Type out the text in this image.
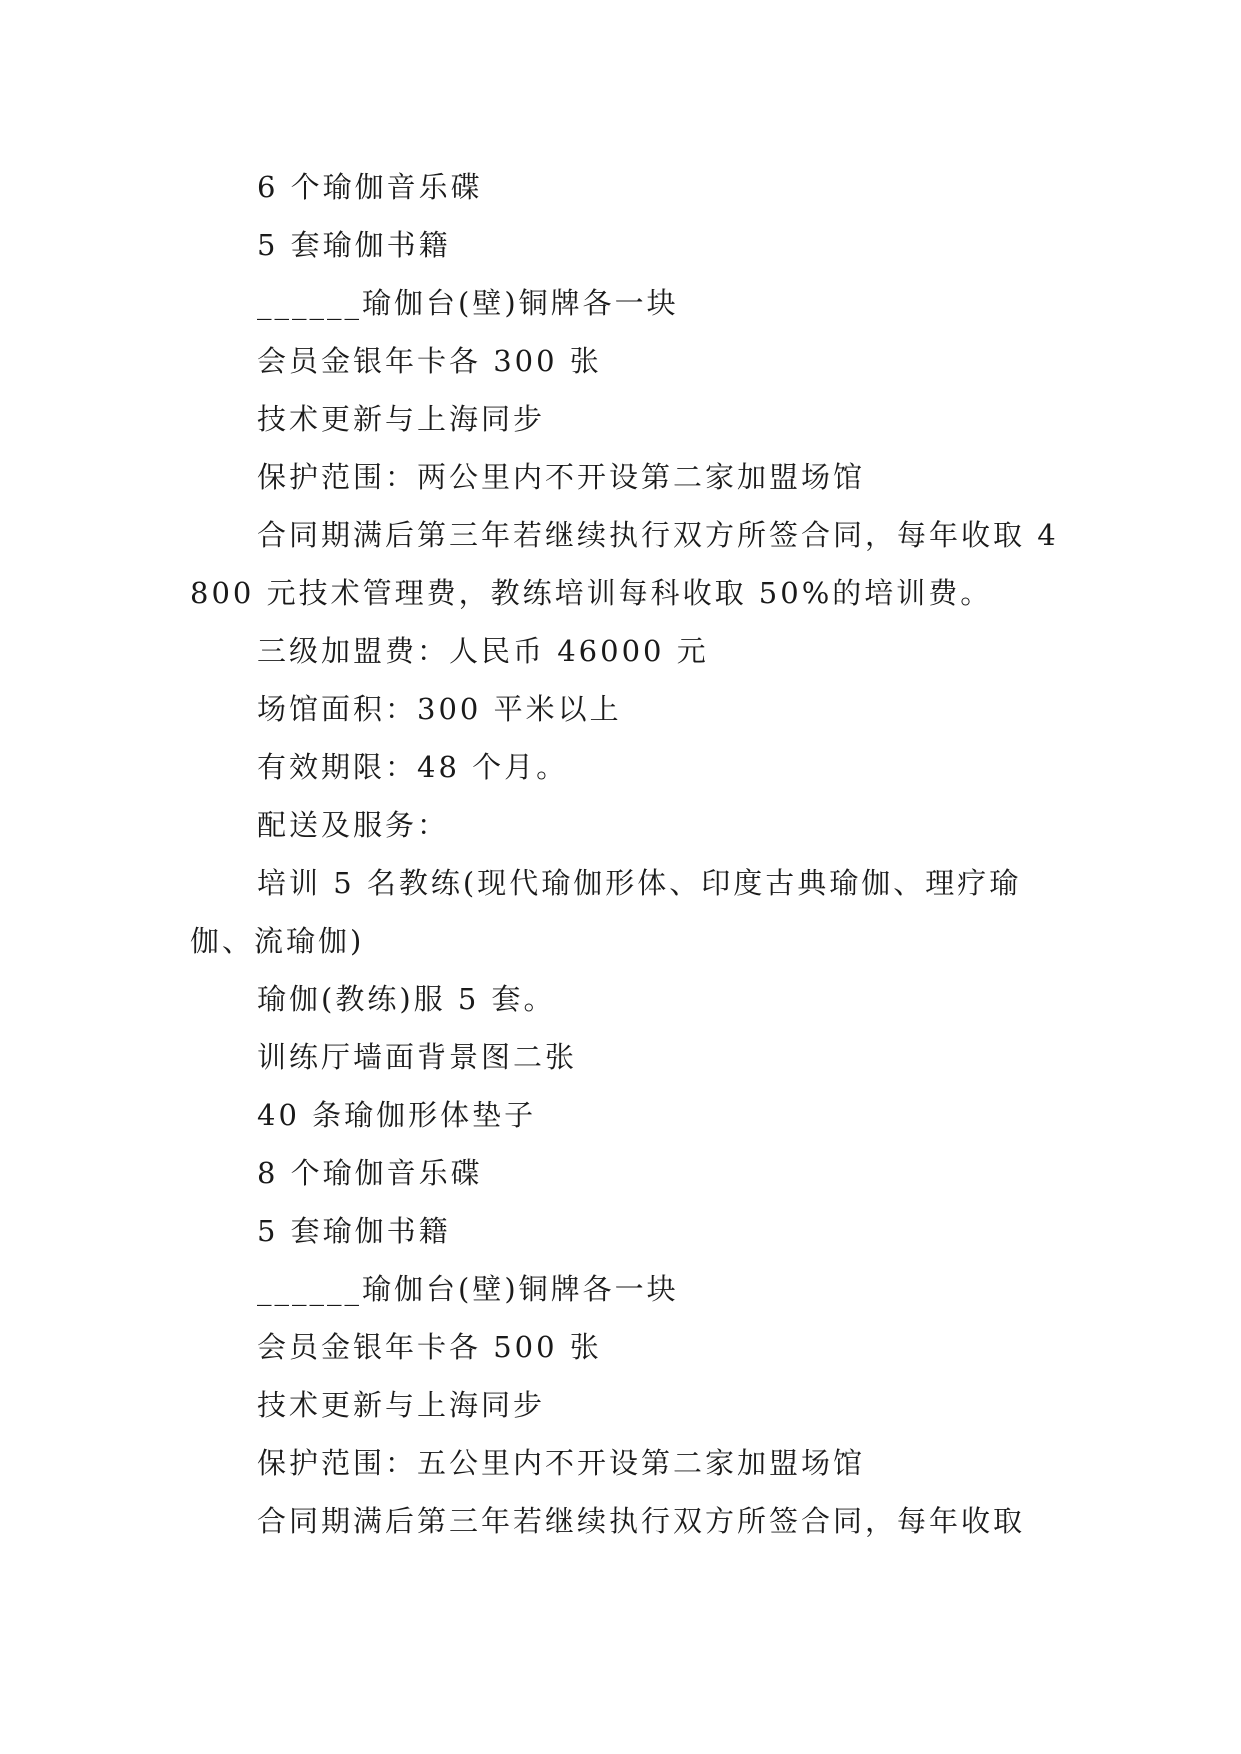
6 个瑜伽音乐碟

5 套瑜伽书籍

______瑜伽台(壁)铜牌各一块

会员金银年卡各 300 张

技术更新与上海同步

保护范围：两公里内不开设第二家加盟场馆

合同期满后第三年若继续执行双方所签合同，每年收取 4800 元技术管理费，教练培训每科收取 50%的培训费。

三级加盟费：人民币 46000 元

场馆面积：300 平米以上

有效期限：48 个月。

配送及服务：

培训 5 名教练(现代瑜伽形体、印度古典瑜伽、理疗瑜伽、流瑜伽)

瑜伽(教练)服 5 套。

训练厅墙面背景图二张

40 条瑜伽形体垫子

8 个瑜伽音乐碟

5 套瑜伽书籍

______瑜伽台(壁)铜牌各一块

会员金银年卡各 500 张

技术更新与上海同步

保护范围：五公里内不开设第二家加盟场馆

合同期满后第三年若继续执行双方所签合同，每年收取
